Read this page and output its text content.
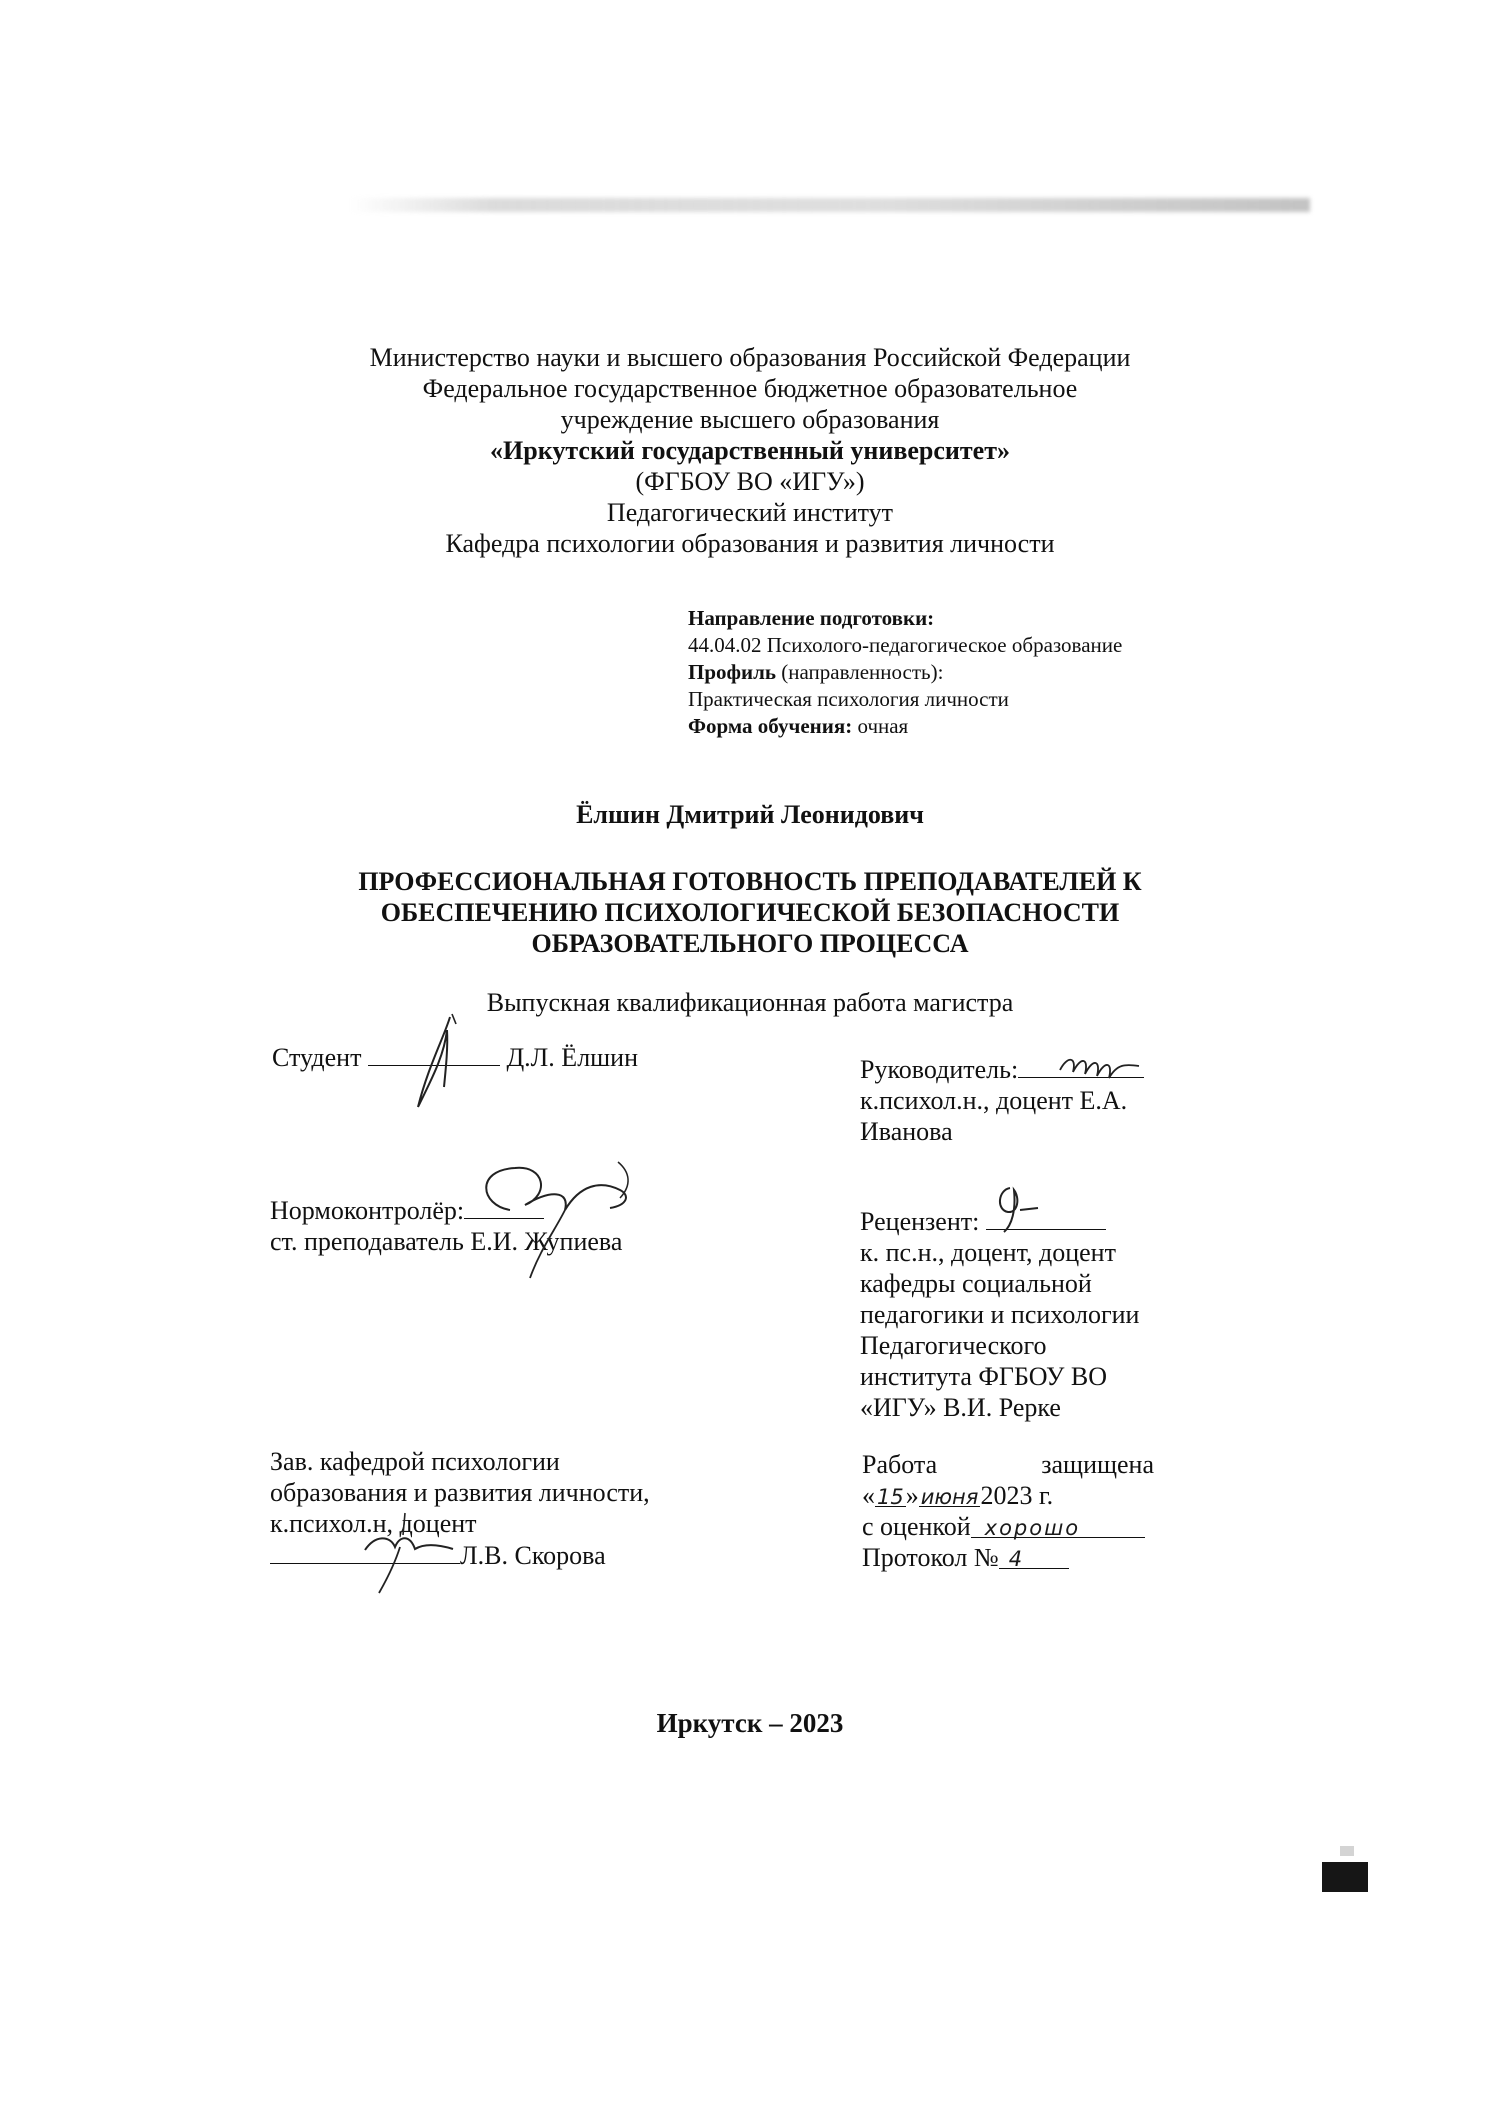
Министерство науки и высшего образования Российской Федерации
Федеральное государственное бюджетное образовательное
учреждение высшего образования
«Иркутский государственный университет»
(ФГБОУ ВО «ИГУ»)
Педагогический институт
Кафедра психологии образования и развития личности
Направление подготовки:
44.04.02 Психолого-педагогическое образование
Профиль (направленность):
Практическая психология личности
Форма обучения: очная
Ёлшин Дмитрий Леонидович
ПРОФЕССИОНАЛЬНАЯ ГОТОВНОСТЬ ПРЕПОДАВАТЕЛЕЙ К
ОБЕСПЕЧЕНИЮ ПСИХОЛОГИЧЕСКОЙ БЕЗОПАСНОСТИ
ОБРАЗОВАТЕЛЬНОГО ПРОЦЕССА
Выпускная квалификационная работа магистра
Студент	Д.Л. Ёлшин	Руководитель:
к.психол.н., доцент Е.А.
Иванова
Нормоконтролёр:
ст. преподаватель Е.И. Жупиева
Рецензент:
к. пс.н., доцент, доцент
кафедры социальной
педагогики и психологии
Педагогического
института ФГБОУ ВО
«ИГУ» В.И. Рерке
Зав. кафедрой психологии
образования и развития личности,
к.психол.н, доцент
Л.В. Скорова
Работа	защищена
«15»июня2023 г.
с оценкой хорошо
Протокол № 4
Иркутск – 2023
